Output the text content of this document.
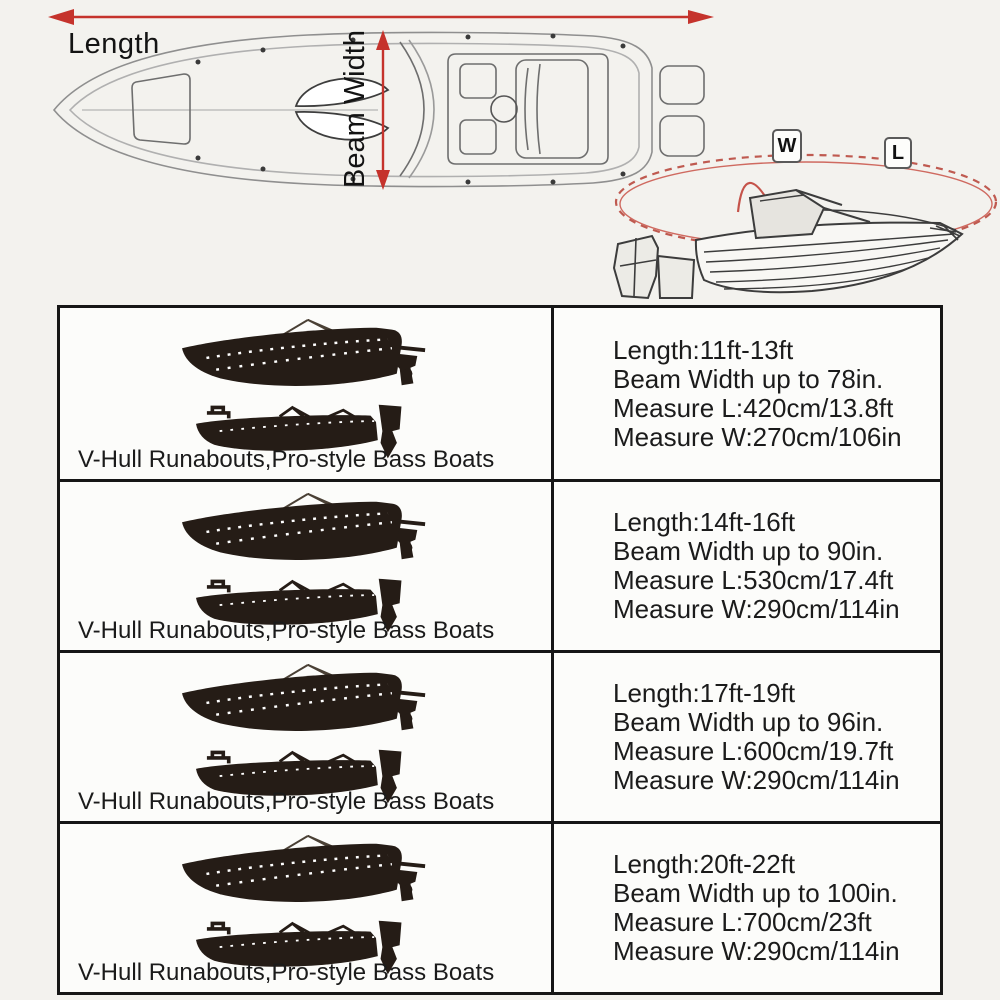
Length	Beam Width	W	L
V-Hull Runabouts,Pro-style Bass Boats
Length:11ft-13ft
Beam Width up to 78in.
Measure L:420cm/13.8ft
Measure W:270cm/106in
V-Hull Runabouts,Pro-style Bass Boats
Length:14ft-16ft
Beam Width up to 90in.
Measure L:530cm/17.4ft
Measure W:290cm/114in
V-Hull Runabouts,Pro-style Bass Boats
Length:17ft-19ft
Beam Width up to 96in.
Measure L:600cm/19.7ft
Measure W:290cm/114in
V-Hull Runabouts,Pro-style Bass Boats
Length:20ft-22ft
Beam Width up to 100in.
Measure L:700cm/23ft
Measure W:290cm/114in
